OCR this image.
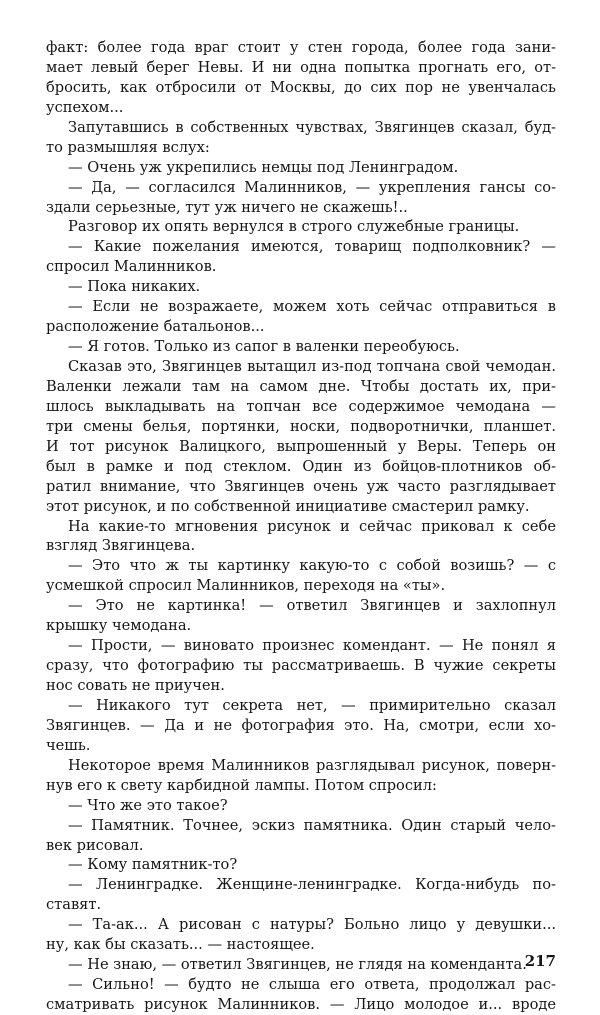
факт: более года враг стоит у стен города, более года зани-
мает левый берег Невы. И ни одна попытка прогнать его, от-
бросить, как отбросили от Москвы, до сих пор не увенчалась
успехом...
Запутавшись в собственных чувствах, Звягинцев сказал, буд-
то размышляя вслух:
— Очень уж укрепились немцы под Ленинградом.
— Да, — согласился Малинников, — укрепления гансы со-
здали серьезные, тут уж ничего не скажешь!..
Разговор их опять вернулся в строго служебные границы.
— Какие пожелания имеются, товарищ подполковник? —
спросил Малинников.
— Пока никаких.
— Если не возражаете, можем хоть сейчас отправиться в
расположение батальонов...
— Я готов. Только из сапог в валенки переобуюсь.
Сказав это, Звягинцев вытащил из-под топчана свой чемодан.
Валенки лежали там на самом дне. Чтобы достать их, при-
шлось выкладывать на топчан все содержимое чемодана —
три смены белья, портянки, носки, подворотнички, планшет.
И тот рисунок Валицкого, выпрошенный у Веры. Теперь он
был в рамке и под стеклом. Один из бойцов-плотников об-
ратил внимание, что Звягинцев очень уж часто разглядывает
этот рисунок, и по собственной инициативе смастерил рамку.
На какие-то мгновения рисунок и сейчас приковал к себе
взгляд Звягинцева.
— Это что ж ты картинку какую-то с собой возишь? — с
усмешкой спросил Малинников, переходя на «ты».
— Это не картинка! — ответил Звягинцев и захлопнул
крышку чемодана.
— Прости, — виновато произнес комендант. — Не понял я
сразу, что фотографию ты рассматриваешь. В чужие секреты
нос совать не приучен.
— Никакого тут секрета нет, — примирительно сказал
Звягинцев. — Да и не фотография это. На, смотри, если хо-
чешь.
Некоторое время Малинников разглядывал рисунок, поверн-
нув его к свету карбидной лампы. Потом спросил:
— Что же это такое?
— Памятник. Точнее, эскиз памятника. Один старый чело-
век рисовал.
— Кому памятник-то?
— Ленинградке. Женщине-ленинградке. Когда-нибудь по-
ставят.
— Та-ак... А рисован с натуры? Больно лицо у девушки...
ну, как бы сказать... — настоящее.
— Не знаю, — ответил Звягинцев, не глядя на коменданта.
— Сильно! — будто не слыша его ответа, продолжал рас-
сматривать рисунок Малинников. — Лицо молодое и... вроде
217
